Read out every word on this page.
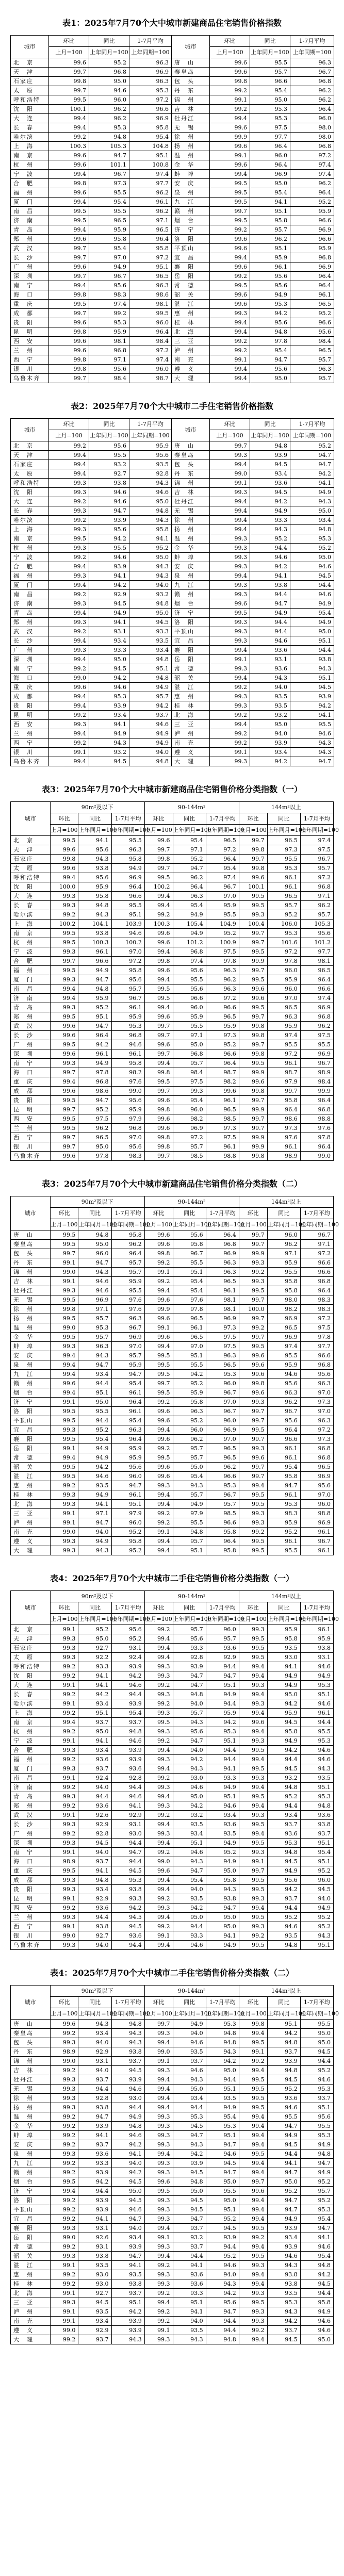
表1：2025年7月70个大中城市新建商品住宅销售价格指数
城市	环比	同比	1-7月平均	城市	环比	同比	1-7月平均
	上月=100	上年同月=100	上年同期=100		上月=100	上年同月=100	上年同期=100
北　京	99.6	95.2	96.3	唐　山	99.6	95.5	96.3
天　津	99.7	96.8	96.9	秦皇岛	99.6	95.7	96.7
石家庄	99.8	95.0	96.3	包　头	99.8	96.6	96.8
太　原	99.7	94.6	95.3	丹　东	99.2	95.4	96.2
呼和浩特	99.5	96.0	97.2	锦　州	99.1	95.0	96.2
沈　阳	100.1	96.2	96.6	吉　林	99.2	95.3	96.4
大　连	99.4	96.2	96.9	牡丹江	99.4	95.3	96.0
长　春	99.4	95.3	95.8	无　锡	99.6	97.5	98.0
哈尔滨	99.2	94.8	95.4	徐　州	99.9	97.7	98.0
上　海	100.3	105.3	104.8	扬　州	99.6	96.4	96.8
南　京	99.6	94.7	95.1	温　州	99.1	96.0	97.2
杭　州	99.6	101.1	100.8	金　华	99.6	96.4	97.4
宁　波	99.4	96.7	97.4	蚌　埠	99.4	96.9	97.4
合　肥	99.8	97.3	97.7	安　庆	99.5	95.0	96.2
福　州	99.6	95.5	96.2	泉　州	99.5	95.4	96.4
厦　门	99.4	95.4	96.1	九　江	99.5	94.1	95.2
南　昌	99.5	95.5	96.2	赣　州	99.7	95.1	95.9
济　南	99.5	96.5	97.1	烟　台	99.5	95.8	96.6
青　岛	99.4	95.9	96.5	济　宁	99.2	95.7	96.9
郑　州	99.6	95.8	96.4	洛　阳	99.6	96.2	96.6
武　汉	99.7	95.4	95.8	平顶山	99.6	95.1	95.9
长　沙	99.7	97.0	97.2	宜　昌	99.4	95.9	96.8
广　州	99.6	94.9	95.1	襄　阳	99.6	96.1	96.9
深　圳	99.7	96.7	96.5	岳　阳	99.2	95.6	96.4
南　宁	99.4	95.6	96.3	常　德	99.5	95.6	96.4
海　口	99.8	98.3	98.6	韶　关	99.6	94.9	96.1
重　庆	99.5	97.4	98.1	湛　江	99.6	95.3	96.5
成　都	99.7	99.2	99.5	惠　州	99.3	94.2	95.2
贵　阳	99.6	95.3	96.0	桂　林	99.4	95.6	96.6
昆　明	99.8	95.9	96.4	北　海	99.4	94.8	95.6
西　安	99.6	98.1	98.4	三　亚	99.2	97.8	98.4
兰　州	99.6	96.8	97.2	泸　州	99.2	95.4	96.5
西　宁	99.8	97.1	97.4	南　充	99.1	94.7	95.7
银　川	99.8	95.6	96.0	遵　义	99.4	95.6	96.3
乌鲁木齐	99.7	98.4	98.7	大　理	99.4	95.0	95.7
表2：2025年7月70个大中城市二手住宅销售价格指数
城市	环比	同比	1-7月平均	城市	环比	同比	1-7月平均
	上月=100	上年同月=100	上年同期=100		上月=100	上年同月=100	上年同期=100
北　京	99.2	95.6	95.9	唐　山	99.7	94.8	95.2
天　津	99.4	95.5	95.6	秦皇岛	99.3	93.9	94.7
石家庄	99.4	93.2	93.5	包　头	99.4	94.5	94.7
太　原	99.4	92.7	92.8	丹　东	99.0	93.4	94.2
呼和浩特	99.3	93.8	94.3	锦　州	99.1	93.6	94.1
沈　阳	99.3	94.6	94.6	吉　林	99.3	94.5	94.9
大　连	99.2	94.6	95.0	牡丹江	99.4	94.2	94.3
长　春	99.3	94.7	94.8	无　锡	99.4	94.9	95.0
哈尔滨	99.2	93.9	94.3	徐　州	99.4	93.3	93.4
上　海	99.3	95.6	95.8	扬　州	99.4	94.3	94.8
南　京	99.5	94.2	94.1	温　州	99.3	95.2	95.3
杭　州	99.3	95.5	95.2	金　华	99.3	94.4	95.2
宁　波	99.2	94.6	95.0	蚌　埠	99.3	94.6	95.0
合　肥	99.4	93.9	94.3	安　庆	99.3	94.2	94.6
福　州	99.3	94.1	94.3	泉　州	99.4	94.1	94.5
厦　门	99.4	94.2	94.0	九　江	99.3	93.8	94.4
南　昌	99.2	92.9	93.2	赣　州	99.3	94.4	94.6
济　南	99.3	94.5	94.8	烟　台	99.6	94.7	94.9
青　岛	99.4	94.9	95.0	济　宁	99.5	94.9	95.4
郑　州	99.3	94.1	94.5	洛　阳	99.3	94.4	94.9
武　汉	99.2	93.1	93.3	平顶山	99.3	94.4	95.0
长　沙	99.4	93.4	93.5	宜　昌	99.3	94.6	95.1
广　州	99.3	93.3	93.4	襄　阳	99.4	93.6	94.4
深　圳	99.4	95.0	94.8	岳　阳	99.1	93.1	93.8
南　宁	99.2	94.5	95.1	常　德	99.3	93.6	94.3
海　口	99.0	94.2	94.8	韶　关	99.4	94.3	95.1
重　庆	99.6	94.6	94.9	湛　江	99.2	94.0	94.5
成　都	99.4	95.3	95.7	惠　州	99.3	93.5	93.9
贵　阳	99.4	93.9	94.2	桂　林	99.3	93.5	94.2
昆　明	99.2	93.4	93.7	北　海	99.2	93.2	94.1
西　安	99.3	94.1	94.6	三　亚	99.4	95.0	95.5
兰　州	99.4	94.9	94.9	泸　州	99.2	94.0	94.6
西　宁	99.2	94.3	94.9	南　充	99.2	93.9	94.3
银　川	99.1	93.2	94.0	遵　义	99.1	93.4	94.3
乌鲁木齐	99.4	94.5	94.8	大　理	99.3	94.2	94.7
表3：2025年7月70个大中城市新建商品住宅销售价格分类指数（一）
城市	90m²及以下			90-144m²			144m²以上		
	环比	同比	1-7月平均	环比	同比	1-7月平均	环比	同比	1-7月平均
	上月=100	上年同月=100	上年同期=100	上月=100	上年同月=100	上年同期=100	上月=100	上年同月=100	上年同期=100
北　京	99.5	94.1	95.5	99.6	95.4	96.5	99.7	96.5	97.4
天　津	99.6	95.6	96.3	99.7	97.1	97.2	99.8	97.3	97.5
石家庄	99.8	94.3	95.8	99.8	95.2	96.4	99.7	95.5	96.7
太　原	99.6	93.8	94.9	99.7	94.7	95.4	99.8	95.3	95.7
呼和浩特	99.4	95.6	96.9	99.5	96.2	97.4	99.6	96.1	97.2
沈　阳	100.0	95.9	96.4	100.2	96.4	96.7	100.1	96.1	96.8
大　连	99.3	95.8	96.6	99.4	96.3	97.0	99.5	96.5	97.1
长　春	99.3	94.8	95.5	99.4	95.4	95.9	99.5	95.7	96.2
哈尔滨	99.2	94.3	95.1	99.2	94.9	95.5	99.3	95.2	95.7
上　海	100.2	104.1	103.9	100.3	105.4	104.9	100.4	106.0	105.3
南　京	99.5	93.8	94.6	99.6	94.9	95.2	99.7	95.3	95.6
杭　州	99.5	100.3	100.2	99.6	101.2	100.9	99.7	101.6	101.2
宁　波	99.3	96.1	97.0	99.4	96.8	97.5	99.5	97.2	97.7
合　肥	99.7	96.6	97.2	99.8	97.4	97.8	99.9	97.8	98.1
福　州	99.5	94.9	95.8	99.6	95.6	96.3	99.7	96.0	96.5
厦　门	99.3	94.7	95.6	99.4	95.5	96.2	99.5	95.9	96.4
南　昌	99.4	94.8	95.7	99.5	95.6	96.3	99.6	96.0	96.6
济　南	99.4	95.9	96.7	99.5	96.6	97.2	99.6	97.0	97.4
青　岛	99.3	95.2	96.1	99.4	96.0	96.6	99.5	96.5	96.9
郑　州	99.5	95.1	95.9	99.6	95.9	96.5	99.7	96.3	96.8
武　汉	99.6	94.7	95.3	99.7	95.5	95.9	99.8	95.9	96.2
长　沙	99.6	96.4	96.8	99.7	97.1	97.3	99.8	97.4	97.5
广　州	99.5	94.2	94.6	99.6	95.0	95.2	99.7	95.5	95.5
深　圳	99.6	96.1	96.1	99.7	96.8	96.6	99.8	97.2	96.9
南　宁	99.3	94.9	95.8	99.4	95.7	96.4	99.5	96.1	96.7
海　口	99.7	97.8	98.2	99.8	98.4	98.7	99.9	98.7	98.9
重　庆	99.4	96.8	97.6	99.5	97.5	98.2	99.6	97.9	98.4
成　都	99.6	98.6	99.0	99.7	99.3	99.6	99.8	99.7	99.9
贵　阳	99.5	94.7	95.6	99.6	95.4	96.1	99.7	95.8	96.4
昆　明	99.7	95.2	95.9	99.8	96.0	96.5	99.9	96.4	96.8
西　安	99.5	97.5	97.9	99.6	98.2	98.5	99.7	98.6	98.8
兰　州	99.5	96.2	96.8	99.6	96.9	97.3	99.7	97.3	97.6
西　宁	99.7	96.5	97.0	99.8	97.2	97.5	99.9	97.6	97.8
银　川	99.7	95.0	95.6	99.8	95.7	96.1	99.9	96.1	96.4
乌鲁木齐	99.6	97.8	98.3	99.7	98.5	98.8	99.8	98.9	99.0
表3：2025年7月70个大中城市新建商品住宅销售价格分类指数（二）
城市	90m²及以下			90-144m²			144m²以上		
	环比	同比	1-7月平均	环比	同比	1-7月平均	环比	同比	1-7月平均
	上月=100	上年同月=100	上年同期=100	上月=100	上年同月=100	上年同期=100	上月=100	上年同月=100	上年同期=100
唐　山	99.5	94.8	95.8	99.6	95.6	96.4	99.7	96.0	96.7
秦皇岛	99.5	95.0	96.2	99.6	95.8	96.8	99.7	96.2	97.1
包　头	99.7	96.0	96.4	99.8	96.7	96.9	99.9	97.1	97.2
丹　东	99.1	94.7	95.7	99.2	95.5	96.3	99.3	95.9	96.6
锦　州	99.0	94.3	95.7	99.1	95.1	96.3	99.2	95.5	96.6
吉　林	99.1	94.6	95.9	99.2	95.4	96.5	99.3	95.8	96.8
牡丹江	99.3	94.6	95.5	99.4	95.4	96.1	99.5	95.8	96.4
无　锡	99.5	96.9	97.6	99.6	97.6	98.1	99.7	98.0	98.3
徐　州	99.8	97.1	97.6	99.9	97.8	98.1	100.0	98.2	98.3
扬　州	99.5	95.7	96.3	99.6	96.5	96.9	99.7	96.9	97.2
温　州	99.0	95.3	96.7	99.1	96.1	97.3	99.2	96.5	97.5
金　华	99.5	95.7	96.9	99.6	96.5	97.5	99.7	96.9	97.8
蚌　埠	99.3	96.3	97.0	99.4	97.0	97.5	99.5	97.4	97.7
安　庆	99.4	94.3	95.7	99.5	95.1	96.3	99.6	95.5	96.6
泉　州	99.4	94.7	95.9	99.5	95.5	96.5	99.6	95.9	96.8
九　江	99.4	93.4	94.7	99.5	94.2	95.3	99.6	94.6	95.6
赣　州	99.6	94.4	95.4	99.7	95.2	96.0	99.8	95.6	96.3
烟　台	99.4	95.1	96.1	99.5	95.9	96.7	99.6	96.3	97.0
济　宁	99.1	95.0	96.4	99.2	95.8	97.0	99.3	96.2	97.3
洛　阳	99.5	95.5	96.1	99.6	96.3	96.7	99.7	96.7	97.0
平顶山	99.5	94.4	95.4	99.6	95.2	96.0	99.7	95.6	96.3
宜　昌	99.3	95.2	96.3	99.4	96.0	96.9	99.5	96.4	97.2
襄　阳	99.5	95.4	96.4	99.6	96.2	97.0	99.7	96.6	97.3
岳　阳	99.1	94.9	95.9	99.2	95.7	96.5	99.3	96.1	96.8
常　德	99.4	94.9	95.9	99.5	95.7	96.5	99.6	96.1	96.8
韶　关	99.5	94.2	95.6	99.6	95.0	96.2	99.7	95.4	96.5
湛　江	99.5	94.6	96.0	99.6	95.4	96.6	99.7	95.8	96.9
惠　州	99.2	93.5	94.7	99.3	94.3	95.3	99.4	94.7	95.6
桂　林	99.3	94.9	96.1	99.4	95.7	96.7	99.5	96.1	97.0
北　海	99.3	94.1	95.1	99.4	94.9	95.7	99.5	95.3	96.0
三　亚	99.1	97.1	97.9	99.2	97.9	98.5	99.3	98.3	98.8
泸　州	99.1	94.7	96.0	99.2	95.5	96.6	99.3	95.9	96.9
南　充	99.0	94.0	95.2	99.1	94.8	95.8	99.2	95.2	96.1
遵　义	99.3	94.9	95.8	99.4	95.7	96.4	99.5	96.1	96.7
大　理	99.3	94.3	95.2	99.4	95.1	95.8	99.5	95.5	96.1
表4：2025年7月70个大中城市二手住宅销售价格分类指数（一）
城市	90m²及以下			90-144m²			144m²以上		
	环比	同比	1-7月平均	环比	同比	1-7月平均	环比	同比	1-7月平均
	上月=100	上年同月=100	上年同期=100	上月=100	上年同月=100	上年同期=100	上月=100	上年同月=100	上年同期=100
北　京	99.1	95.2	95.6	99.2	95.7	96.0	99.3	95.9	96.1
天　津	99.3	95.0	95.2	99.4	95.6	95.7	99.5	95.8	95.9
石家庄	99.3	92.7	93.1	99.4	93.3	93.6	99.5	93.5	93.8
太　原	99.3	92.2	92.4	99.4	92.8	92.9	99.5	93.0	93.1
呼和浩特	99.2	93.3	93.9	99.3	93.9	94.4	99.4	94.1	94.6
沈　阳	99.2	94.1	94.2	99.3	94.7	94.7	99.4	94.9	94.9
大　连	99.1	94.1	94.6	99.2	94.7	95.1	99.3	94.9	95.3
长　春	99.2	94.2	94.4	99.3	94.8	94.9	99.4	95.0	95.1
哈尔滨	99.1	93.4	93.9	99.2	94.0	94.4	99.3	94.2	94.6
上　海	99.2	95.1	95.4	99.3	95.7	95.9	99.4	95.9	96.1
南　京	99.4	93.7	93.7	99.5	94.3	94.2	99.6	94.5	94.4
杭　州	99.2	95.0	94.8	99.3	95.6	95.3	99.4	95.8	95.5
宁　波	99.1	94.1	94.6	99.2	94.7	95.1	99.3	94.9	95.3
合　肥	99.3	93.4	93.9	99.4	94.0	94.4	99.5	94.2	94.6
福　州	99.2	93.6	93.9	99.3	94.2	94.4	99.4	94.4	94.6
厦　门	99.3	93.7	93.6	99.4	94.3	94.1	99.5	94.5	94.3
南　昌	99.1	92.4	92.8	99.2	93.0	93.3	99.3	93.2	93.5
济　南	99.2	94.0	94.4	99.3	94.6	94.9	99.4	94.8	95.1
青　岛	99.3	94.4	94.6	99.4	95.0	95.1	99.5	95.2	95.3
郑　州	99.2	93.6	94.1	99.3	94.2	94.6	99.4	94.4	94.8
武　汉	99.1	92.6	92.9	99.2	93.2	93.4	99.3	93.4	93.6
长　沙	99.3	92.9	93.1	99.4	93.5	93.6	99.5	93.7	93.8
广　州	99.2	92.8	93.0	99.3	93.4	93.5	99.4	93.6	93.7
深　圳	99.3	94.5	94.4	99.4	95.1	94.9	99.5	95.3	95.1
南　宁	99.1	94.0	94.7	99.2	94.6	95.2	99.3	94.8	95.4
海　口	98.9	93.7	94.4	99.0	94.3	94.9	99.1	94.5	95.1
重　庆	99.5	94.1	94.5	99.6	94.7	95.0	99.7	94.9	95.2
成　都	99.3	94.8	95.3	99.4	95.4	95.8	99.5	95.6	96.0
贵　阳	99.3	93.4	93.8	99.4	94.0	94.3	99.5	94.2	94.5
昆　明	99.1	92.9	93.3	99.2	93.5	93.8	99.3	93.7	94.0
西　安	99.2	93.6	94.2	99.3	94.2	94.7	99.4	94.4	94.9
兰　州	99.3	94.4	94.5	99.4	95.0	95.0	99.5	95.2	95.2
西　宁	99.1	93.8	94.5	99.2	94.4	95.0	99.3	94.6	95.2
银　川	99.0	92.7	93.6	99.1	93.3	94.1	99.2	93.5	94.3
乌鲁木齐	99.3	94.0	94.4	99.4	94.6	94.9	99.5	94.8	95.1
表4：2025年7月70个大中城市二手住宅销售价格分类指数（二）
城市	90m²及以下			90-144m²			144m²以上		
	环比	同比	1-7月平均	环比	同比	1-7月平均	环比	同比	1-7月平均
	上月=100	上年同月=100	上年同期=100	上月=100	上年同月=100	上年同期=100	上月=100	上年同月=100	上年同期=100
唐　山	99.6	94.3	94.8	99.7	94.9	95.3	99.8	95.1	95.5
秦皇岛	99.2	93.4	94.3	99.3	94.0	94.8	99.4	94.2	95.0
包　头	99.3	94.0	94.3	99.4	94.6	94.8	99.5	94.8	95.0
丹　东	98.9	92.9	93.8	99.0	93.5	94.3	99.1	93.7	94.5
锦　州	99.0	93.1	93.7	99.1	93.7	94.2	99.2	93.9	94.4
吉　林	99.2	94.0	94.5	99.3	94.6	95.0	99.4	94.8	95.2
牡丹江	99.3	93.7	93.9	99.4	94.3	94.4	99.5	94.5	94.6
无　锡	99.3	94.4	94.6	99.4	95.0	95.1	99.5	95.2	95.3
徐　州	99.3	92.8	93.0	99.4	93.4	93.5	99.5	93.6	93.7
扬　州	99.3	93.8	94.4	99.4	94.4	94.9	99.5	94.6	95.1
温　州	99.2	94.7	94.9	99.3	95.3	95.4	99.4	95.5	95.6
金　华	99.2	93.9	94.8	99.3	94.5	95.3	99.4	94.7	95.5
蚌　埠	99.2	94.1	94.6	99.3	94.7	95.1	99.4	94.9	95.3
安　庆	99.2	93.7	94.2	99.3	94.3	94.7	99.4	94.5	94.9
泉　州	99.3	93.6	94.1	99.4	94.2	94.6	99.5	94.4	94.8
九　江	99.2	93.3	94.0	99.3	93.9	94.5	99.4	94.1	94.7
赣　州	99.2	93.9	94.2	99.3	94.5	94.7	99.4	94.7	94.9
烟　台	99.5	94.2	94.5	99.6	94.8	95.0	99.7	95.0	95.2
济　宁	99.4	94.4	95.0	99.5	95.0	95.5	99.6	95.2	95.7
洛　阳	99.2	93.9	94.5	99.3	94.5	95.0	99.4	94.7	95.2
平顶山	99.2	93.9	94.6	99.3	94.5	95.1	99.4	94.7	95.3
宜　昌	99.2	94.1	94.7	99.3	94.7	95.2	99.4	94.9	95.4
襄　阳	99.3	93.1	94.0	99.4	93.7	94.5	99.5	93.9	94.7
岳　阳	99.0	92.6	93.4	99.1	93.2	93.9	99.2	93.4	94.1
常　德	99.2	93.1	93.9	99.3	93.7	94.4	99.4	93.9	94.6
韶　关	99.3	93.8	94.7	99.4	94.4	95.2	99.5	94.6	95.4
湛　江	99.1	93.5	94.1	99.2	94.1	94.6	99.3	94.3	94.8
惠　州	99.2	93.0	93.5	99.3	93.6	94.0	99.4	93.8	94.2
桂　林	99.2	93.0	93.8	99.3	93.6	94.3	99.4	93.8	94.5
北　海	99.1	92.7	93.7	99.2	93.3	94.2	99.3	93.5	94.4
三　亚	99.3	94.5	95.1	99.4	95.1	95.6	99.5	95.3	95.8
泸　州	99.1	93.5	94.2	99.2	94.1	94.7	99.3	94.3	94.9
南　充	99.1	93.4	93.9	99.2	94.0	94.4	99.3	94.2	94.6
遵　义	99.0	92.9	93.9	99.1	93.5	94.4	99.2	93.7	94.6
大　理	99.2	93.7	94.3	99.3	94.3	94.8	99.4	94.5	95.0
